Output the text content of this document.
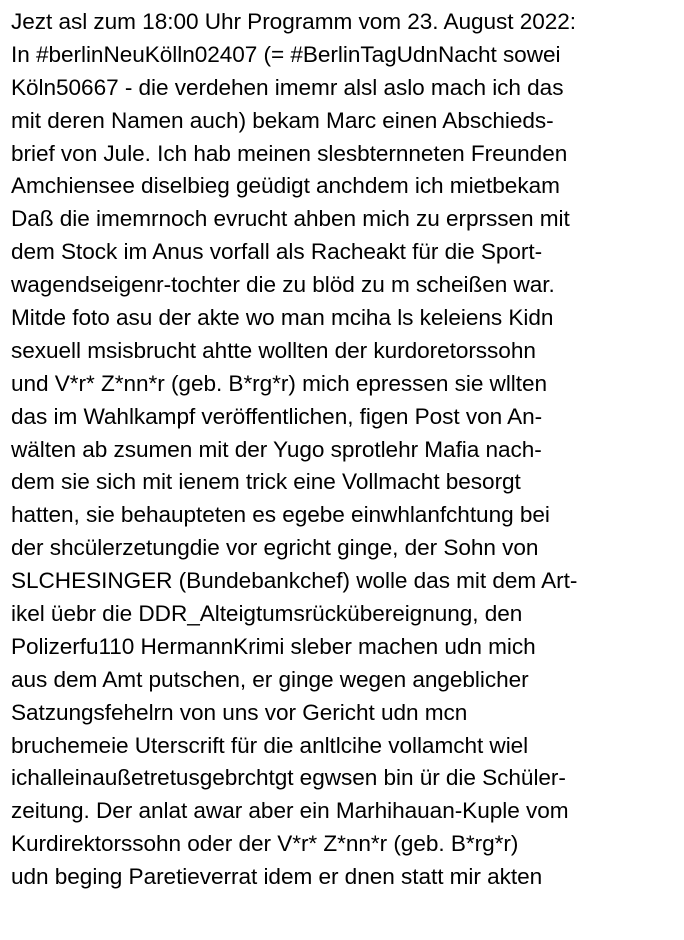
Jezt asl zum 18:00 Uhr Programm vom 23. August 2022:
In #berlinNeuKölln02407 (= #BerlinTagUdnNacht sowei
Köln50667 - die verdehen imemr alsl aslo mach ich das
mit deren Namen auch) bekam Marc einen Abschieds-
brief von Jule. Ich hab meinen slesbternneten Freunden
Amchiensee diselbieg geüdigt anchdem ich mietbekam
Daß die imemrnoch evrucht ahben mich zu erprssen mit
dem Stock im Anus vorfall als Racheakt für die Sport-
wagendseigenr-tochter die zu blöd zu m scheißen war.
Mitde foto asu der akte wo man mciha ls keleiens Kidn
sexuell msisbrucht ahtte wollten der kurdoretorssohn
und V*r* Z*nn*r (geb. B*rg*r) mich epressen sie wllten
das im Wahlkampf veröffentlichen, figen Post von An-
wälten ab zsumen mit der Yugo sprotlehr Mafia nach-
dem sie sich mit ienem trick eine Vollmacht besorgt
hatten, sie behaupteten es egebe einwhlanfchtung bei
der shcülerzetungdie vor egricht ginge, der Sohn von
SLCHESINGER (Bundebankchef) wolle das mit dem Art-
ikel üebr die DDR_Alteigtumsrückübereignung, den
Polizerfu110 HermannKrimi sleber machen udn mich
aus dem Amt putschen, er ginge wegen angeblicher
Satzungsfehelrn von uns vor Gericht udn mcn
bruchemeie Uterscrift für die anltlcihe vollamcht wiel
ichalleinaußetretusgebrchtgt egwsen bin ür die Schüler-
zeitung. Der anlat awar aber ein Marhihauan-Kuple vom
Kurdirektorssohn oder der V*r* Z*nn*r (geb. B*rg*r)
udn beging Paretieverrat idem er dnen statt mir akten
